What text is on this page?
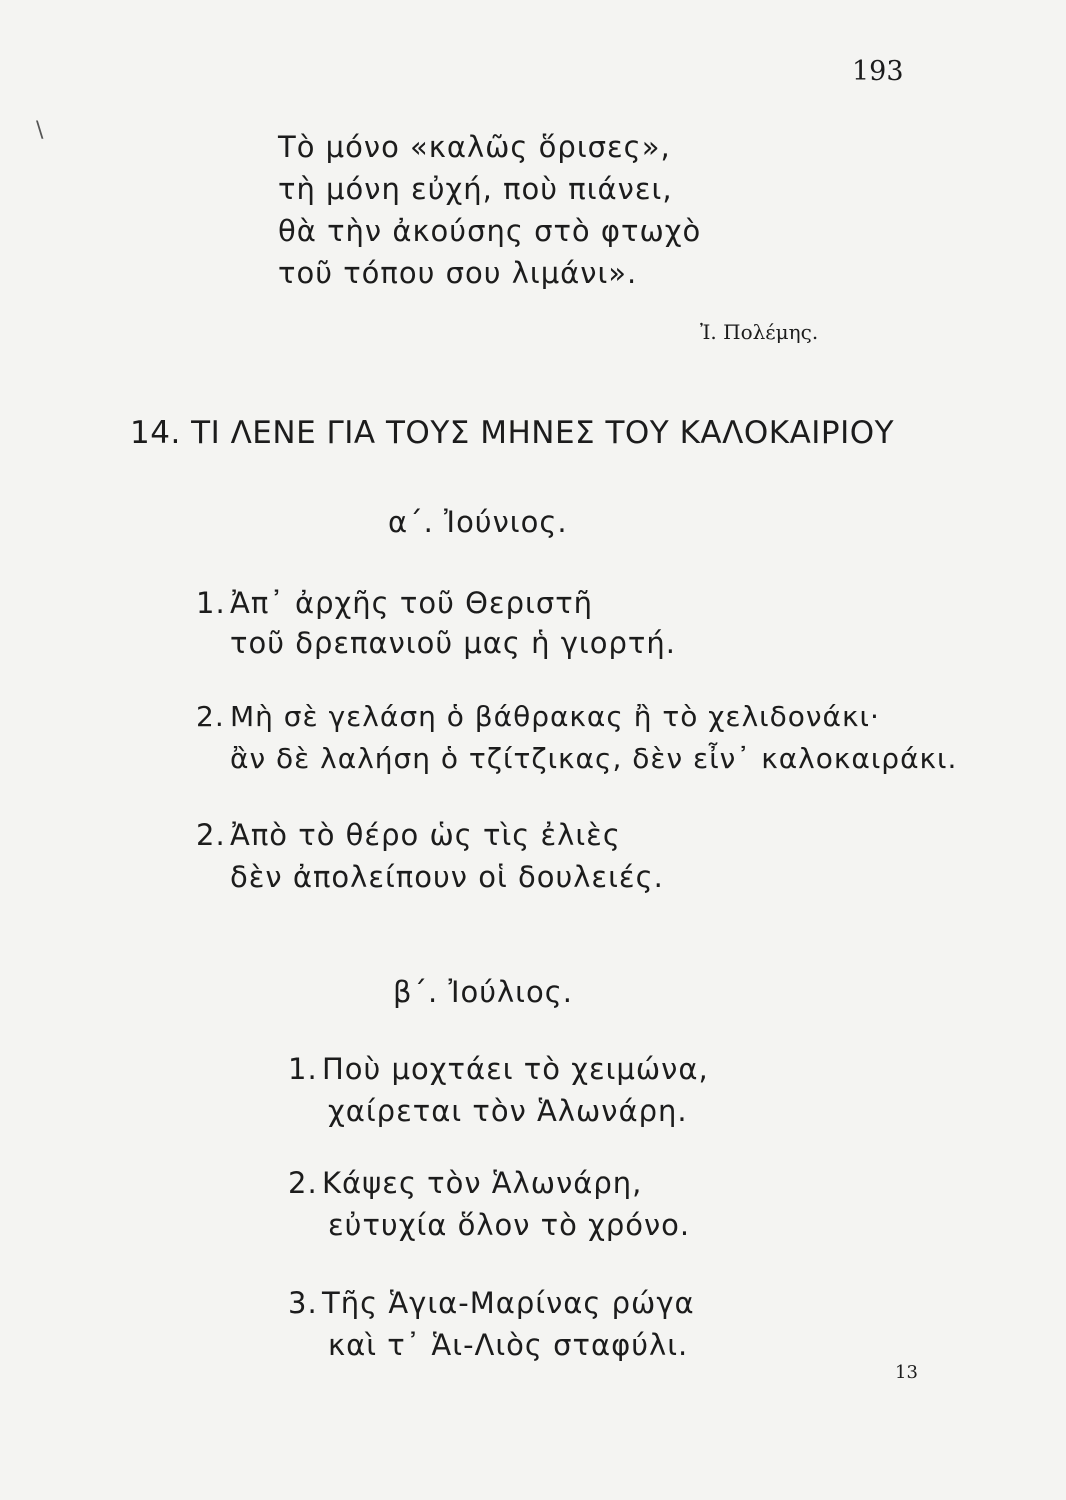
193
\	Τὸ μόνο «καλῶς ὅρισες»,
τὴ μόνη εὐχή, ποὺ πιάνει,
θὰ τὴν ἀκούσης στὸ φτωχὸ
τοῦ τόπου σου λιμάνι».
Ἰ. Πολέμης.
14. ΤΙ ΛΕΝΕ ΓΙΑ ΤΟΥΣ ΜΗΝΕΣ ΤΟΥ ΚΑΛΟΚΑΙΡΙΟΥ
α΄. Ἰούνιος.
1. Ἀπ᾽ ἀρχῆς τοῦ Θεριστῆ
τοῦ δρεπανιοῦ μας ἡ γιορτή.
2. Μὴ σὲ γελάση ὁ βάθρακας ἢ τὸ χελιδονάκι·
ἂν δὲ λαλήση ὁ τζίτζικας, δὲν εἶν᾽ καλοκαιράκι.
2. Ἀπὸ τὸ θέρο ὡς τὶς ἐλιὲς
δὲν ἀπολείπουν οἱ δουλειές.
β΄. Ἰούλιος.
1. Ποὺ μοχτάει τὸ χειμώνα,
χαίρεται τὸν Ἁλωνάρη.
2. Κάψες τὸν Ἁλωνάρη,
εὐτυχία ὅλον τὸ χρόνο.
3. Τῆς Ἁγια-Μαρίνας ρώγα
καὶ τ᾽ Ἁι-Λιὸς σταφύλι.
13
